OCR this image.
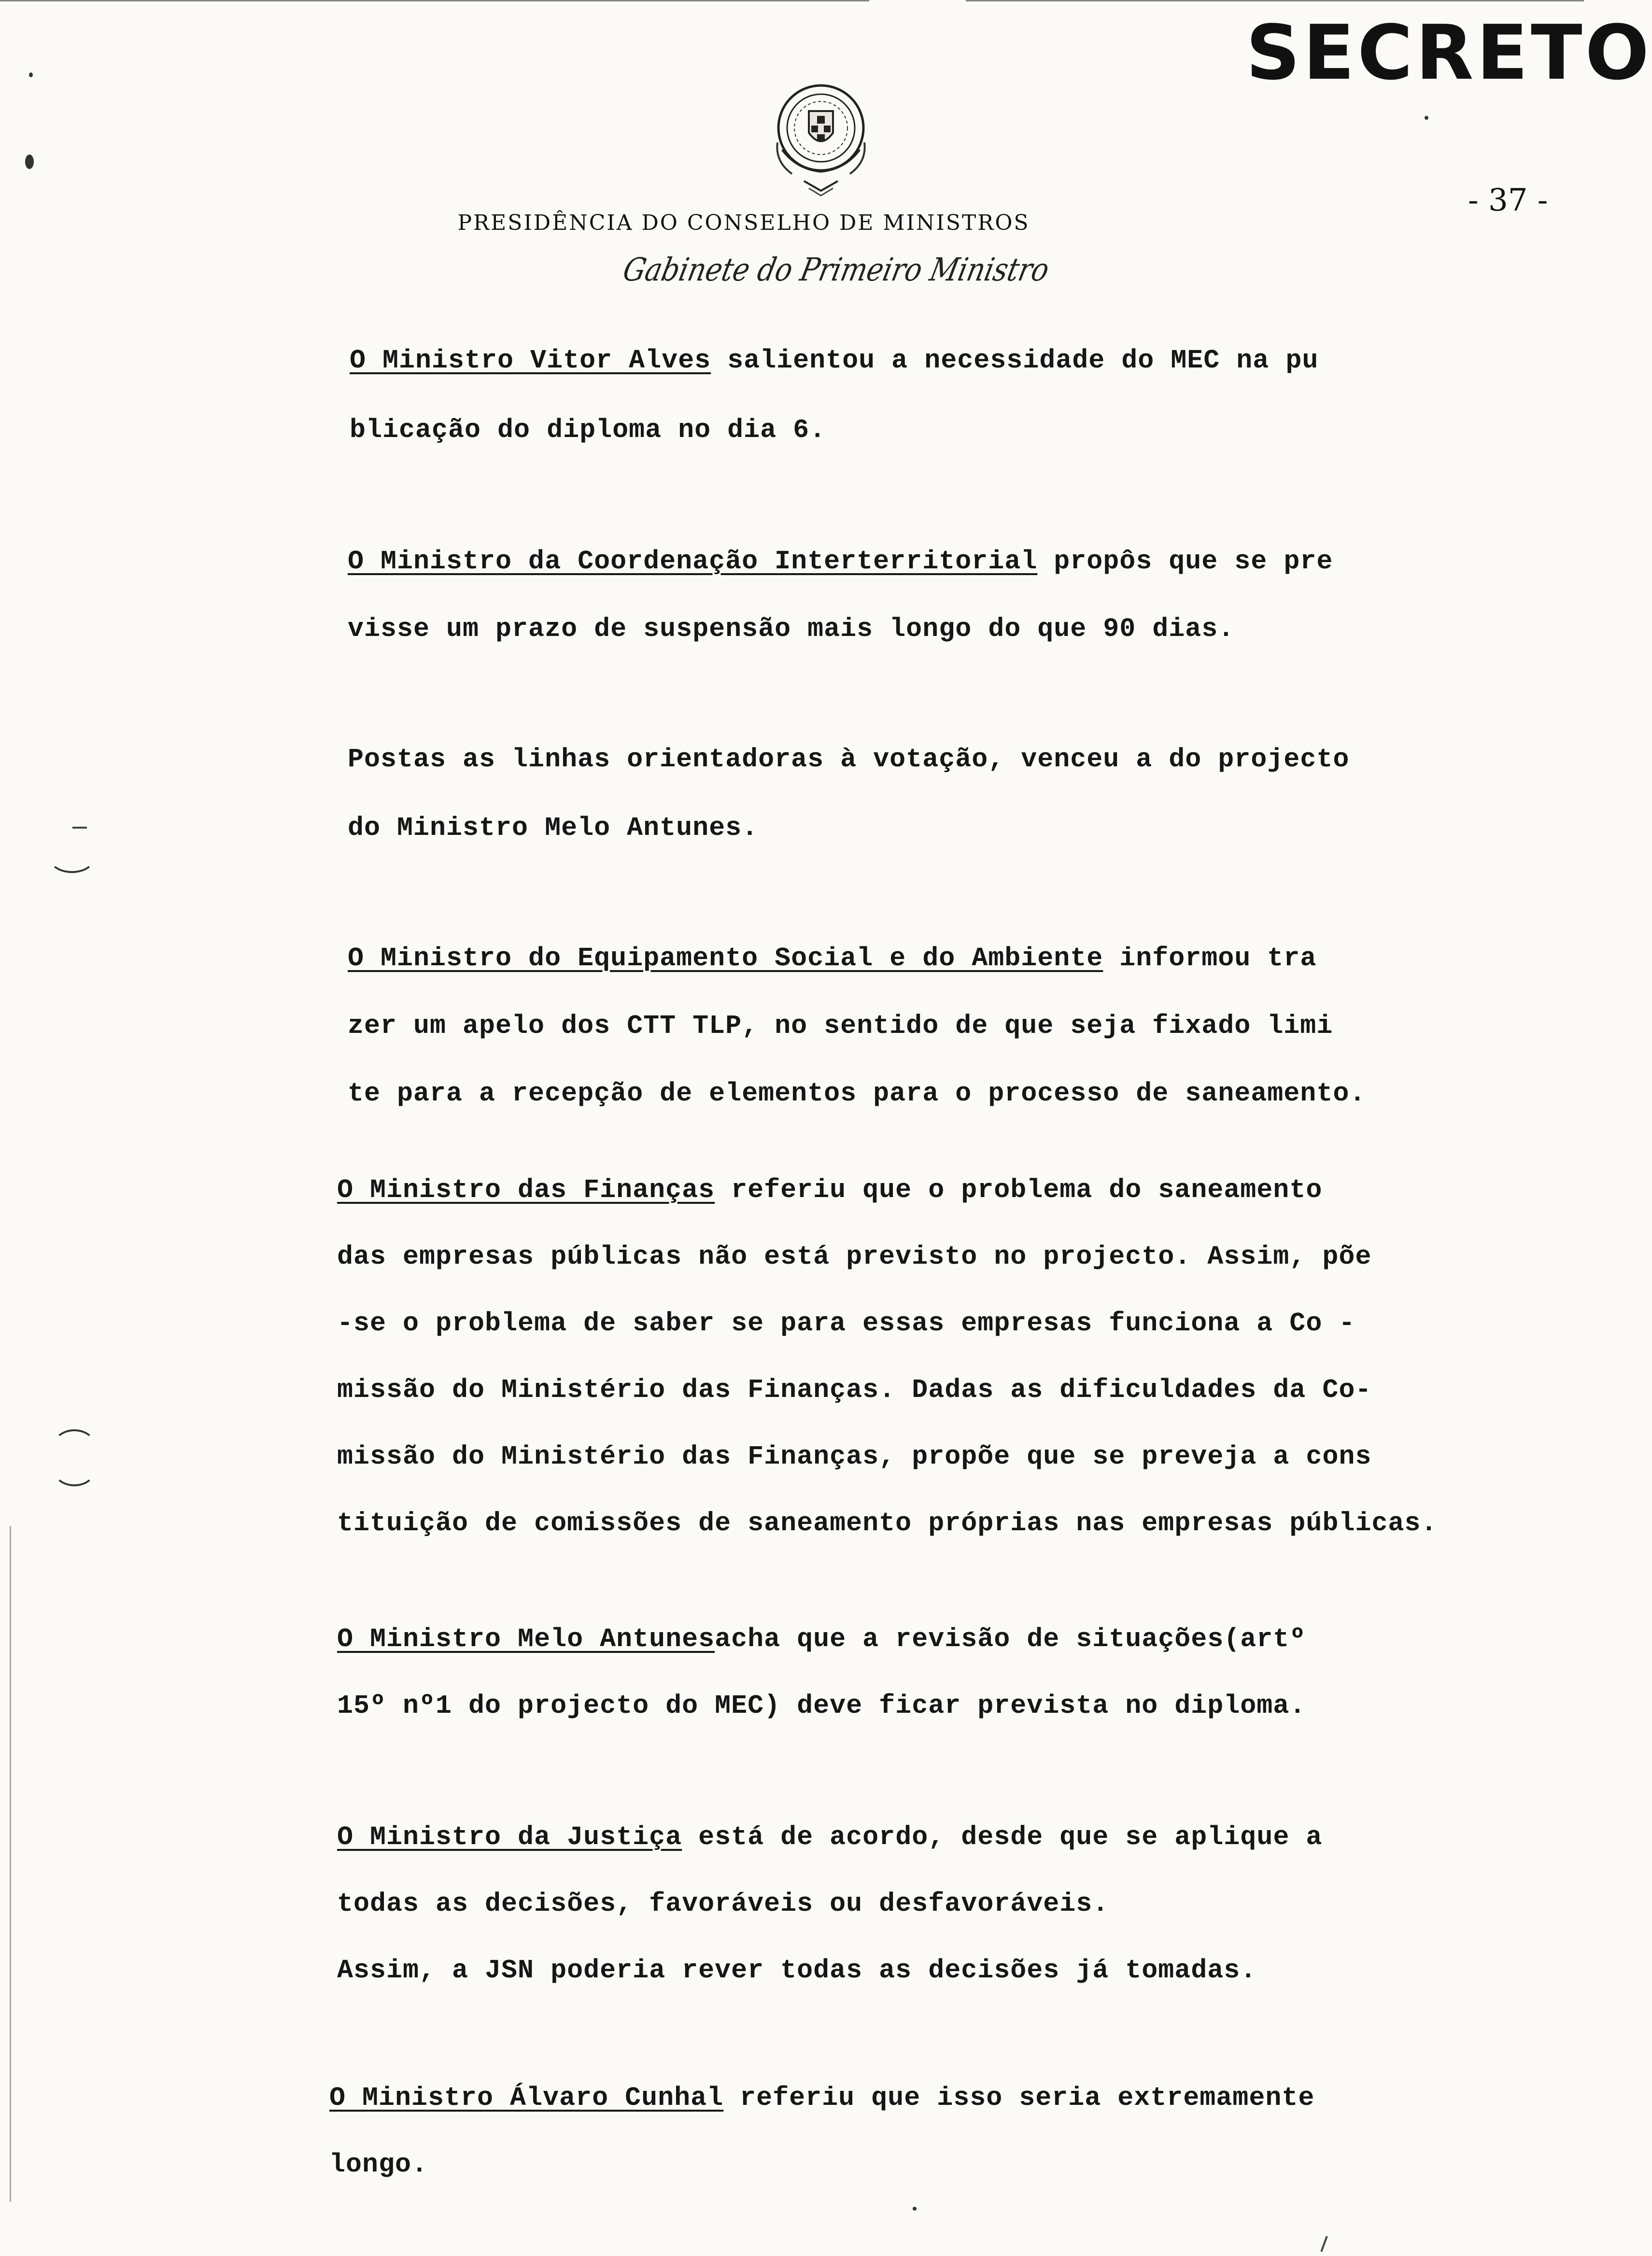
SECRETO
- 37 -
PRESIDÊNCIA DO CONSELHO DE MINISTROS
Gabinete do Primeiro Ministro
O Ministro Vitor Alves salientou a necessidade do MEC na pu
blicação do diploma no dia 6.
O Ministro da Coordenação Interterritorial propôs que se pre
visse um prazo de suspensão mais longo do que 90 dias.
Postas as linhas orientadoras à votação, venceu a do projecto
do Ministro Melo Antunes.
O Ministro do Equipamento Social e do Ambiente informou tra
zer um apelo dos CTT TLP, no sentido de que seja fixado limi
te para a recepção de elementos para o processo de saneamento.
O Ministro das Finanças referiu que o problema do saneamento
das empresas públicas não está previsto no projecto. Assim, põe
-se o problema de saber se para essas empresas funciona a Co -
missão do Ministério das Finanças. Dadas as dificuldades da Co-
missão do Ministério das Finanças, propõe que se preveja a cons
tituição de comissões de saneamento próprias nas empresas públicas.
O Ministro Melo Antunesacha que a revisão de situações(artº
15º nº1 do projecto do MEC) deve ficar prevista no diploma.
O Ministro da Justiça está de acordo, desde que se aplique a
todas as decisões, favoráveis ou desfavoráveis.
Assim, a JSN poderia rever todas as decisões já tomadas.
O Ministro Álvaro Cunhal referiu que isso seria extremamente
longo.
